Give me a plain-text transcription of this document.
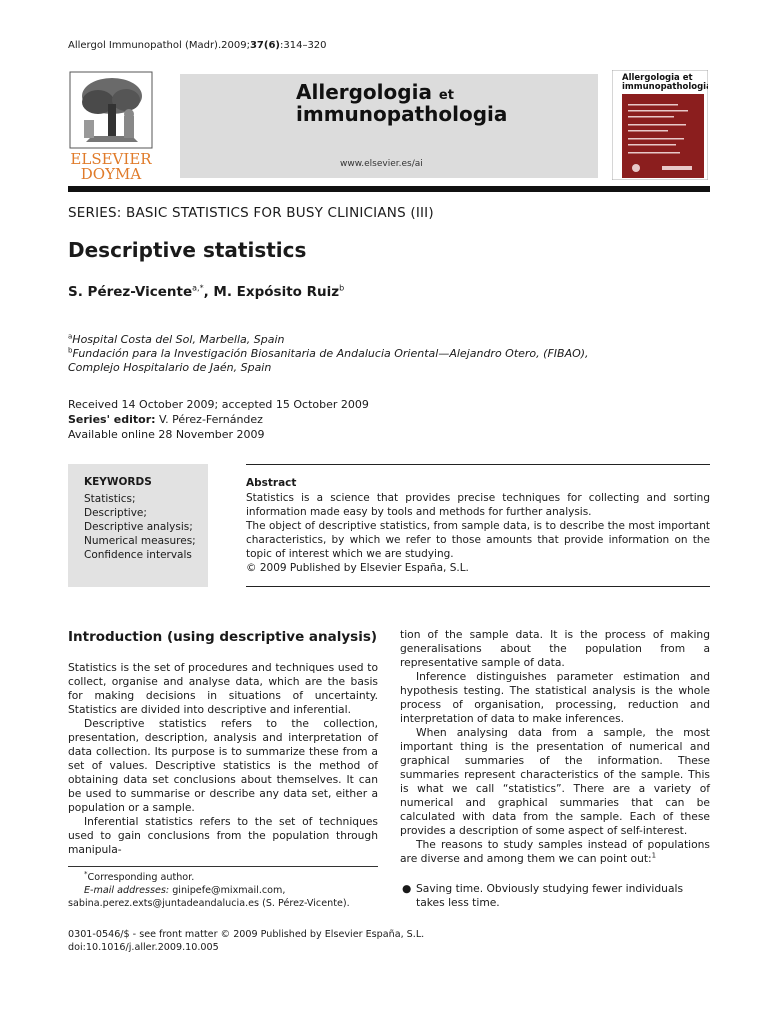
Allergol Immunopathol (Madr).2009;37(6):314–320
ELSEVIER
DOYMA
Allergologia et
immunopathologia
www.elsevier.es/ai
Allergologia et
immunopathologia
SERIES: BASIC STATISTICS FOR BUSY CLINICIANS (III)
Descriptive statistics
S. Pérez-Vicente$^{a,*}$, M. Expósito Ruiz$^b$
$^a$Hospital Costa del Sol, Marbella, Spain
$^b$Fundación para la Investigación Biosanitaria de Andalucia Oriental—Alejandro Otero, (FIBAO),
Complejo Hospitalario de Jaén, Spain
Received 14 October 2009; accepted 15 October 2009
Series' editor: V. Pérez-Fernández
Available online 28 November 2009
KEYWORDS
Statistics;
Descriptive;
Descriptive analysis;
Numerical measures;
Confidence intervals
Abstract
Statistics is a science that provides precise techniques for collecting and sorting information made easy by tools and methods for further analysis.
The object of descriptive statistics, from sample data, is to describe the most important characteristics, by which we refer to those amounts that provide information on the topic of interest which we are studying.
© 2009 Published by Elsevier España, S.L.
Introduction (using descriptive analysis)

Statistics is the set of procedures and techniques used to collect, organise and analyse data, which are the basis for making decisions in situations of uncertainty. Statistics are divided into descriptive and inferential.

Descriptive statistics refers to the collection, presentation, description, analysis and interpretation of data collection. Its purpose is to summarize these from a set of values. Descriptive statistics is the method of obtaining data set conclusions about themselves. It can be used to summarise or describe any data set, either a population or a sample.

Inferential statistics refers to the set of techniques used to gain conclusions from the population through manipula-

tion of the sample data. It is the process of making generalisations about the population from a representative sample of data.

Inference distinguishes parameter estimation and hypothesis testing. The statistical analysis is the whole process of organisation, processing, reduction and interpretation of data to make inferences.

When analysing data from a sample, the most important thing is the presentation of numerical and graphical summaries of the information. These summaries represent characteristics of the sample. This is what we call “statistics”. There are a variety of numerical and graphical summaries that can be calculated with data from the sample. Each of these provides a description of some aspect of self-interest.

The reasons to study samples instead of populations are diverse and among them we can point out:$^1$

● Saving time. Obviously studying fewer individuals takes less time.

*Corresponding author.

E-mail addresses: ginipefe@mixmail.com, sabina.perez.exts@juntadeandalucia.es (S. Pérez-Vicente).

0301-0546/$ - see front matter © 2009 Published by Elsevier España, S.L.
doi:10.1016/j.aller.2009.10.005
